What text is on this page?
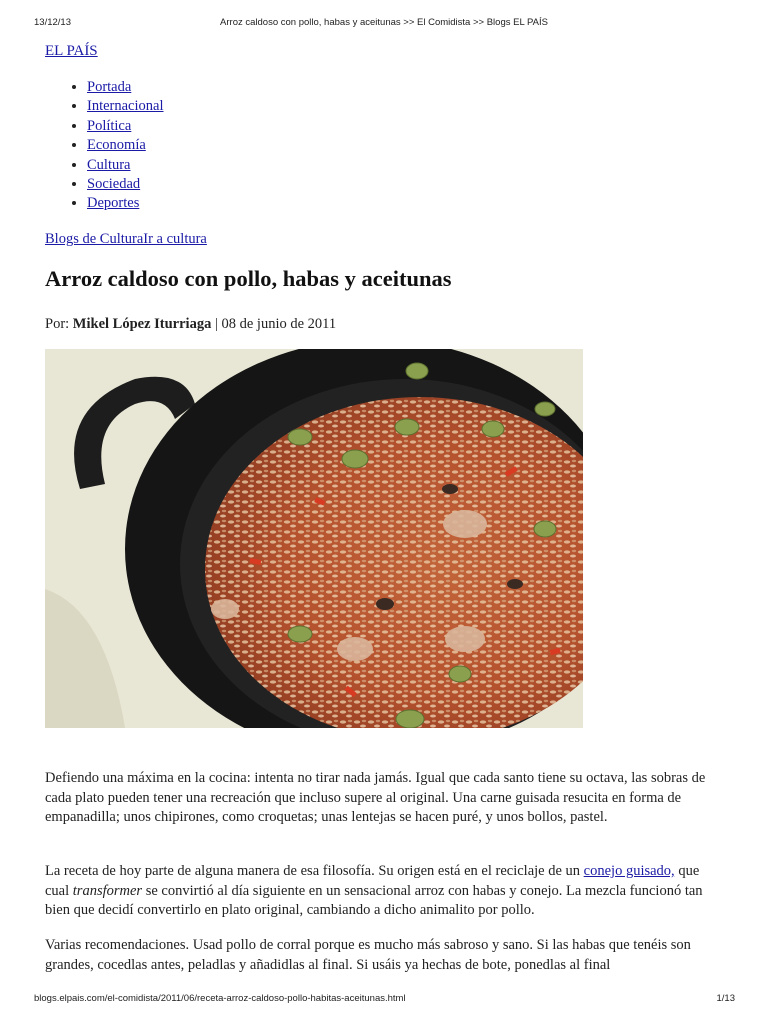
13/12/13	Arroz caldoso con pollo, habas y aceitunas >> El Comidista >> Blogs EL PAÍS
EL PAÍS
• Portada
• Internacional
• Política
• Economía
• Cultura
• Sociedad
• Deportes
Blogs de CulturaIr a cultura
Arroz caldoso con pollo, habas y aceitunas
Por: Mikel López Iturriaga | 08 de junio de 2011

Defiendo una máxima en la cocina: intenta no tirar nada jamás. Igual que cada santo tiene su octava, las sobras de cada plato pueden tener una recreación que incluso supere al original. Una carne guisada resucita en forma de empanadilla; unos chipirones, como croquetas; unas lentejas se hacen puré, y unos bollos, pastel.

La receta de hoy parte de alguna manera de esa filosofía. Su origen está en el reciclaje de un conejo guisado, que cual transformer se convirtió al día siguiente en un sensacional arroz con habas y conejo. La mezcla funcionó tan bien que decidí convertirlo en plato original, cambiando a dicho animalito por pollo.

Varias recomendaciones. Usad pollo de corral porque es mucho más sabroso y sano. Si las habas que tenéis son grandes, cocedlas antes, peladlas y añadidlas al final. Si usáis ya hechas de bote, ponedlas al final

blogs.elpais.com/el-comidista/2011/06/receta-arroz-caldoso-pollo-habitas-aceitunas.html	1/13
